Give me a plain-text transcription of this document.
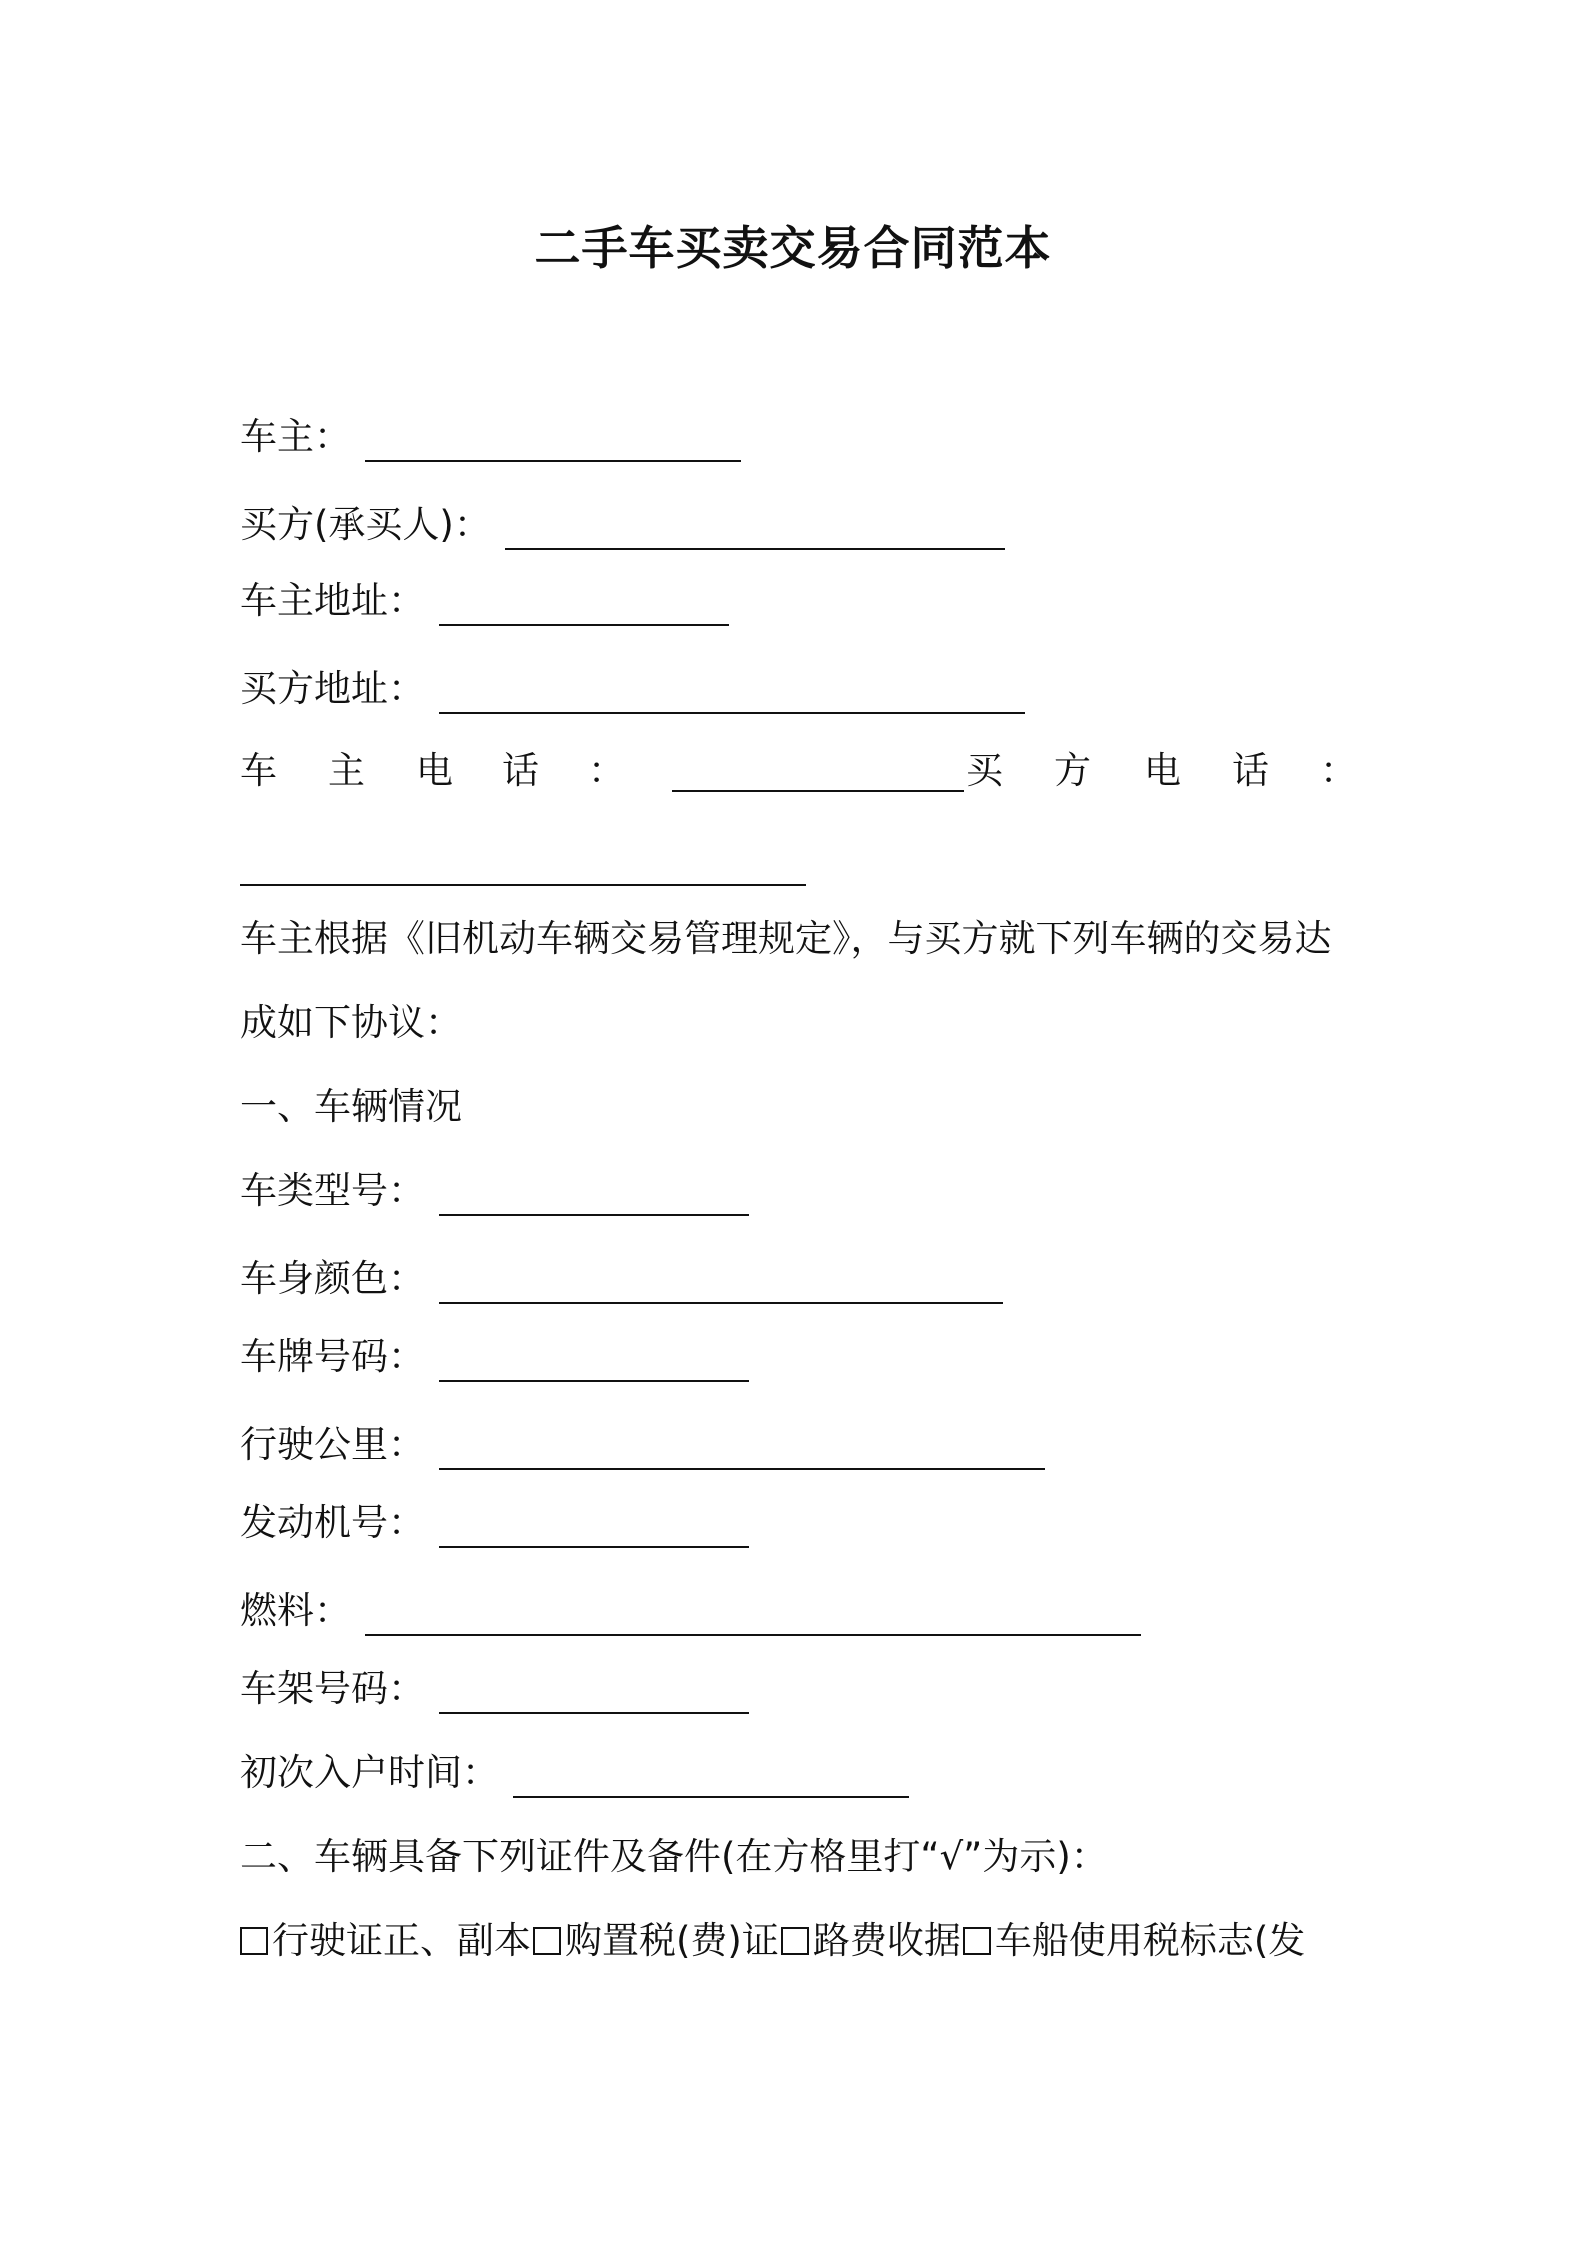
二手车买卖交易合同范本
车主：
买方(承买人)：
车主地址：
买方地址：
车 主 电 话 ：	买 方 电 话 ：
车主根据《旧机动车辆交易管理规定》，与买方就下列车辆的交易达
成如下协议：
一、车辆情况
车类型号：
车身颜色：
车牌号码：
行驶公里：
发动机号：
燃料：
车架号码：
初次入户时间：
二、车辆具备下列证件及备件(在方格里打“√”为示)：
行驶证正、副本 购置税(费)证 路费收据 车船使用税标志(发
